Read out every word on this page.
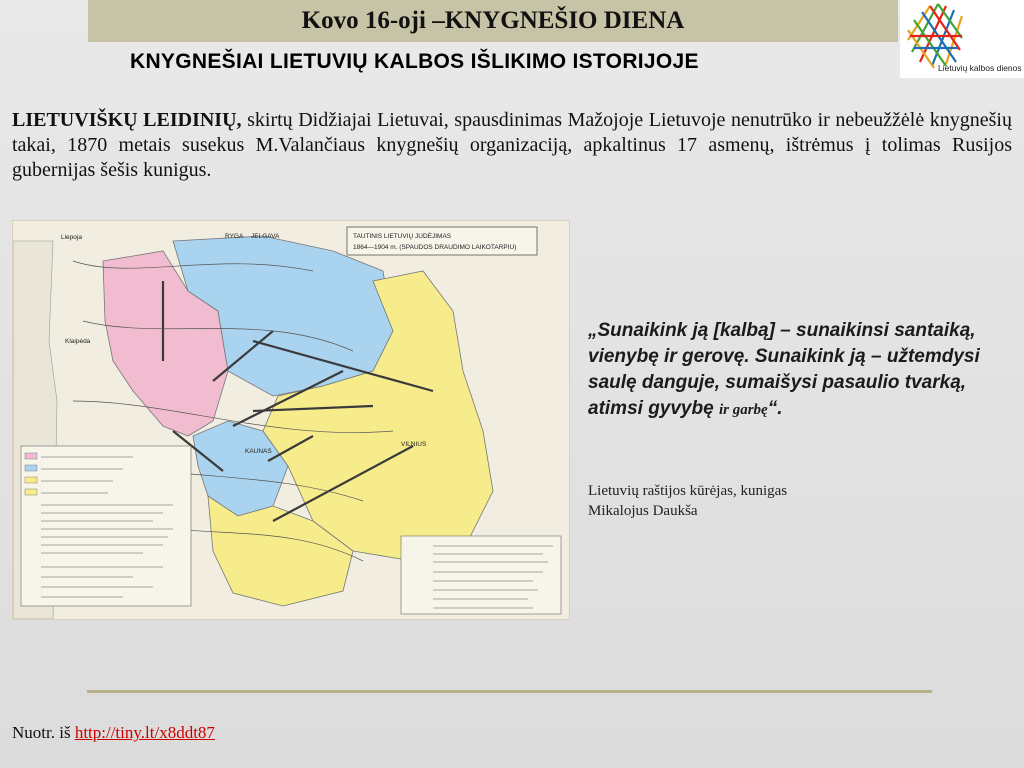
Kovo 16-oji –KNYGNEŠIO DIENA
Lietuvių kalbos dienos
KNYGNEŠIAI LIETUVIŲ KALBOS IŠLIKIMO ISTORIJOJE
LIETUVIŠKŲ LEIDINIŲ, skirtų Didžiajai Lietuvai, spausdinimas Mažojoje Lietuvoje nenutrūko ir nebeužžėlė knygnešių takai, 1870 metais susekus M.Valančiaus knygnešių organizaciją, apkaltinus 17 asmenų, ištrėmus į tolimas Rusijos gubernijas šešis kunigus.
TAUTINIS LIETUVIŲ JUDĖJIMAS
1864—1904 m. (SPAUDOS DRAUDIMO LAIKOTARPIU)
RYGA JELGAVA
VILNIUS
KAUNAS
Liepoja
Klaipėda
„Sunaikink ją [kalbą] – sunaikinsi santaiką, vienybę ir gerovę. Sunaikink ją – užtemdysi saulę danguje, sumaišysi pasaulio tvarką, atimsi gyvybę ir garbę“.
Lietuvių raštijos kūrėjas, kunigas
Mikalojus Daukša
Nuotr. iš http://tiny.lt/x8ddt87
